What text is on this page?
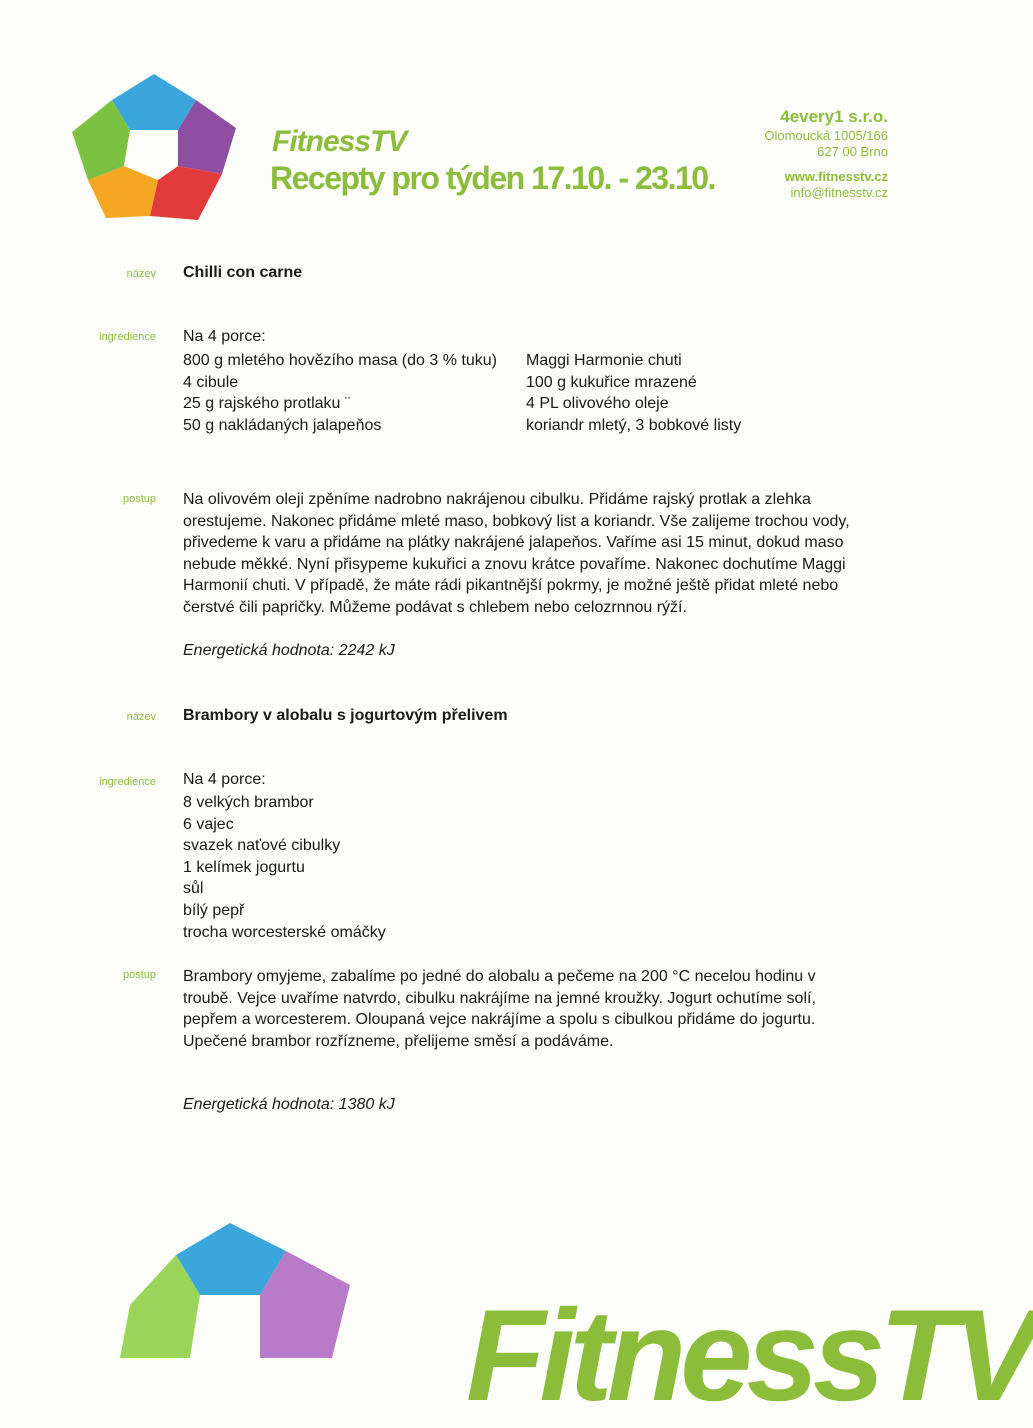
FitnessTV
Recepty pro týden 17.10. - 23.10.
4every1 s.r.o.
Olomoucká 1005/166
627 00 Brno
www.fitnesstv.cz
info@fitnesstv.cz
název Chilli con carne
ingredience Na 4 porce:
800 g mletého hovězího masa (do 3 % tuku)
4 cibule
25 g rajského protlaku ¨
50 g nakládaných jalapeňos
Maggi Harmonie chuti
100 g kukuřice mrazené
4 PL olivového oleje
koriandr mletý, 3 bobkové listy
postup Na olivovém oleji zpěníme nadrobno nakrájenou cibulku. Přidáme rajský protlak a zlehka
orestujeme. Nakonec přidáme mleté maso, bobkový list a koriandr. Vše zalijeme trochou vody,
přivedeme k varu a přidáme na plátky nakrájené jalapeňos. Vaříme asi 15 minut, dokud maso
nebude měkké. Nyní přisypeme kukuřici a znovu krátce povaříme. Nakonec dochutíme Maggi
Harmonií chuti. V případě, že máte rádi pikantnější pokrmy, je možné ještě přidat mleté nebo
čerstvé čili papričky. Můžeme podávat s chlebem nebo celozrnnou rýží.
Energetická hodnota: 2242 kJ
název Brambory v alobalu s jogurtovým přelivem
ingredience Na 4 porce:
8 velkých brambor
6 vajec
svazek naťové cibulky
1 kelímek jogurtu
sůl
bílý pepř
trocha worcesterské omáčky
postup Brambory omyjeme, zabalíme po jedné do alobalu a pečeme na 200 °C necelou hodinu v
troubě. Vejce uvaříme natvrdo, cibulku nakrájíme na jemné kroužky. Jogurt ochutíme solí,
pepřem a worcesterem. Oloupaná vejce nakrájíme a spolu s cibulkou přidáme do jogurtu.
Upečené brambor rozřízneme, přelijeme směsí a podáváme.
Energetická hodnota: 1380 kJ
FitnessTV
